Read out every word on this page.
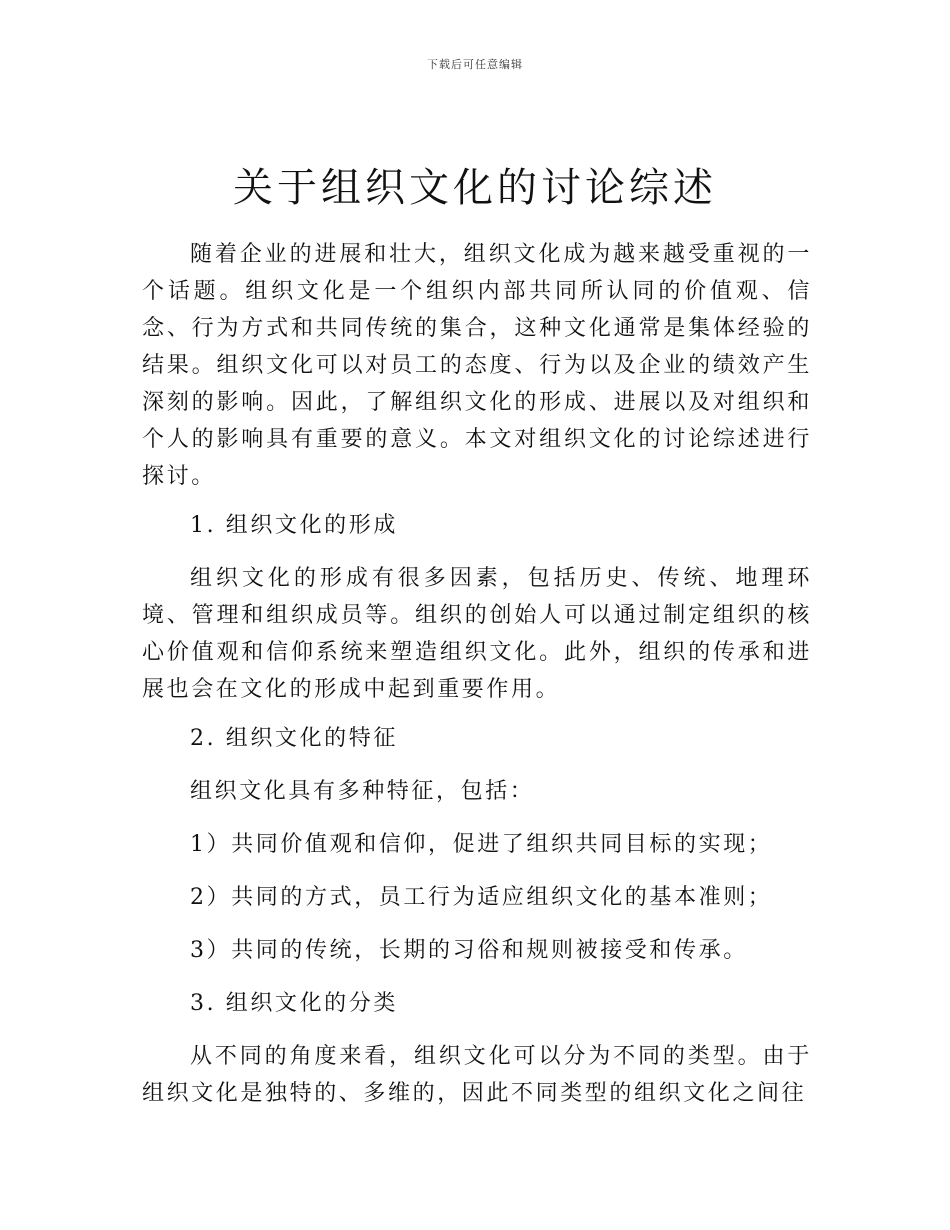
下载后可任意编辑
关于组织文化的讨论综述

随着企业的进展和壮大，组织文化成为越来越受重视的一个话题。组织文化是一个组织内部共同所认同的价值观、信念、行为方式和共同传统的集合，这种文化通常是集体经验的结果。组织文化可以对员工的态度、行为以及企业的绩效产生深刻的影响。因此，了解组织文化的形成、进展以及对组织和个人的影响具有重要的意义。本文对组织文化的讨论综述进行探讨。

1. 组织文化的形成

组织文化的形成有很多因素，包括历史、传统、地理环境、管理和组织成员等。组织的创始人可以通过制定组织的核心价值观和信仰系统来塑造组织文化。此外，组织的传承和进展也会在文化的形成中起到重要作用。

2. 组织文化的特征

组织文化具有多种特征，包括：

1）共同价值观和信仰，促进了组织共同目标的实现；

2）共同的方式，员工行为适应组织文化的基本准则；

3）共同的传统，长期的习俗和规则被接受和传承。

3. 组织文化的分类

从不同的角度来看，组织文化可以分为不同的类型。由于组织文化是独特的、多维的，因此不同类型的组织文化之间往
